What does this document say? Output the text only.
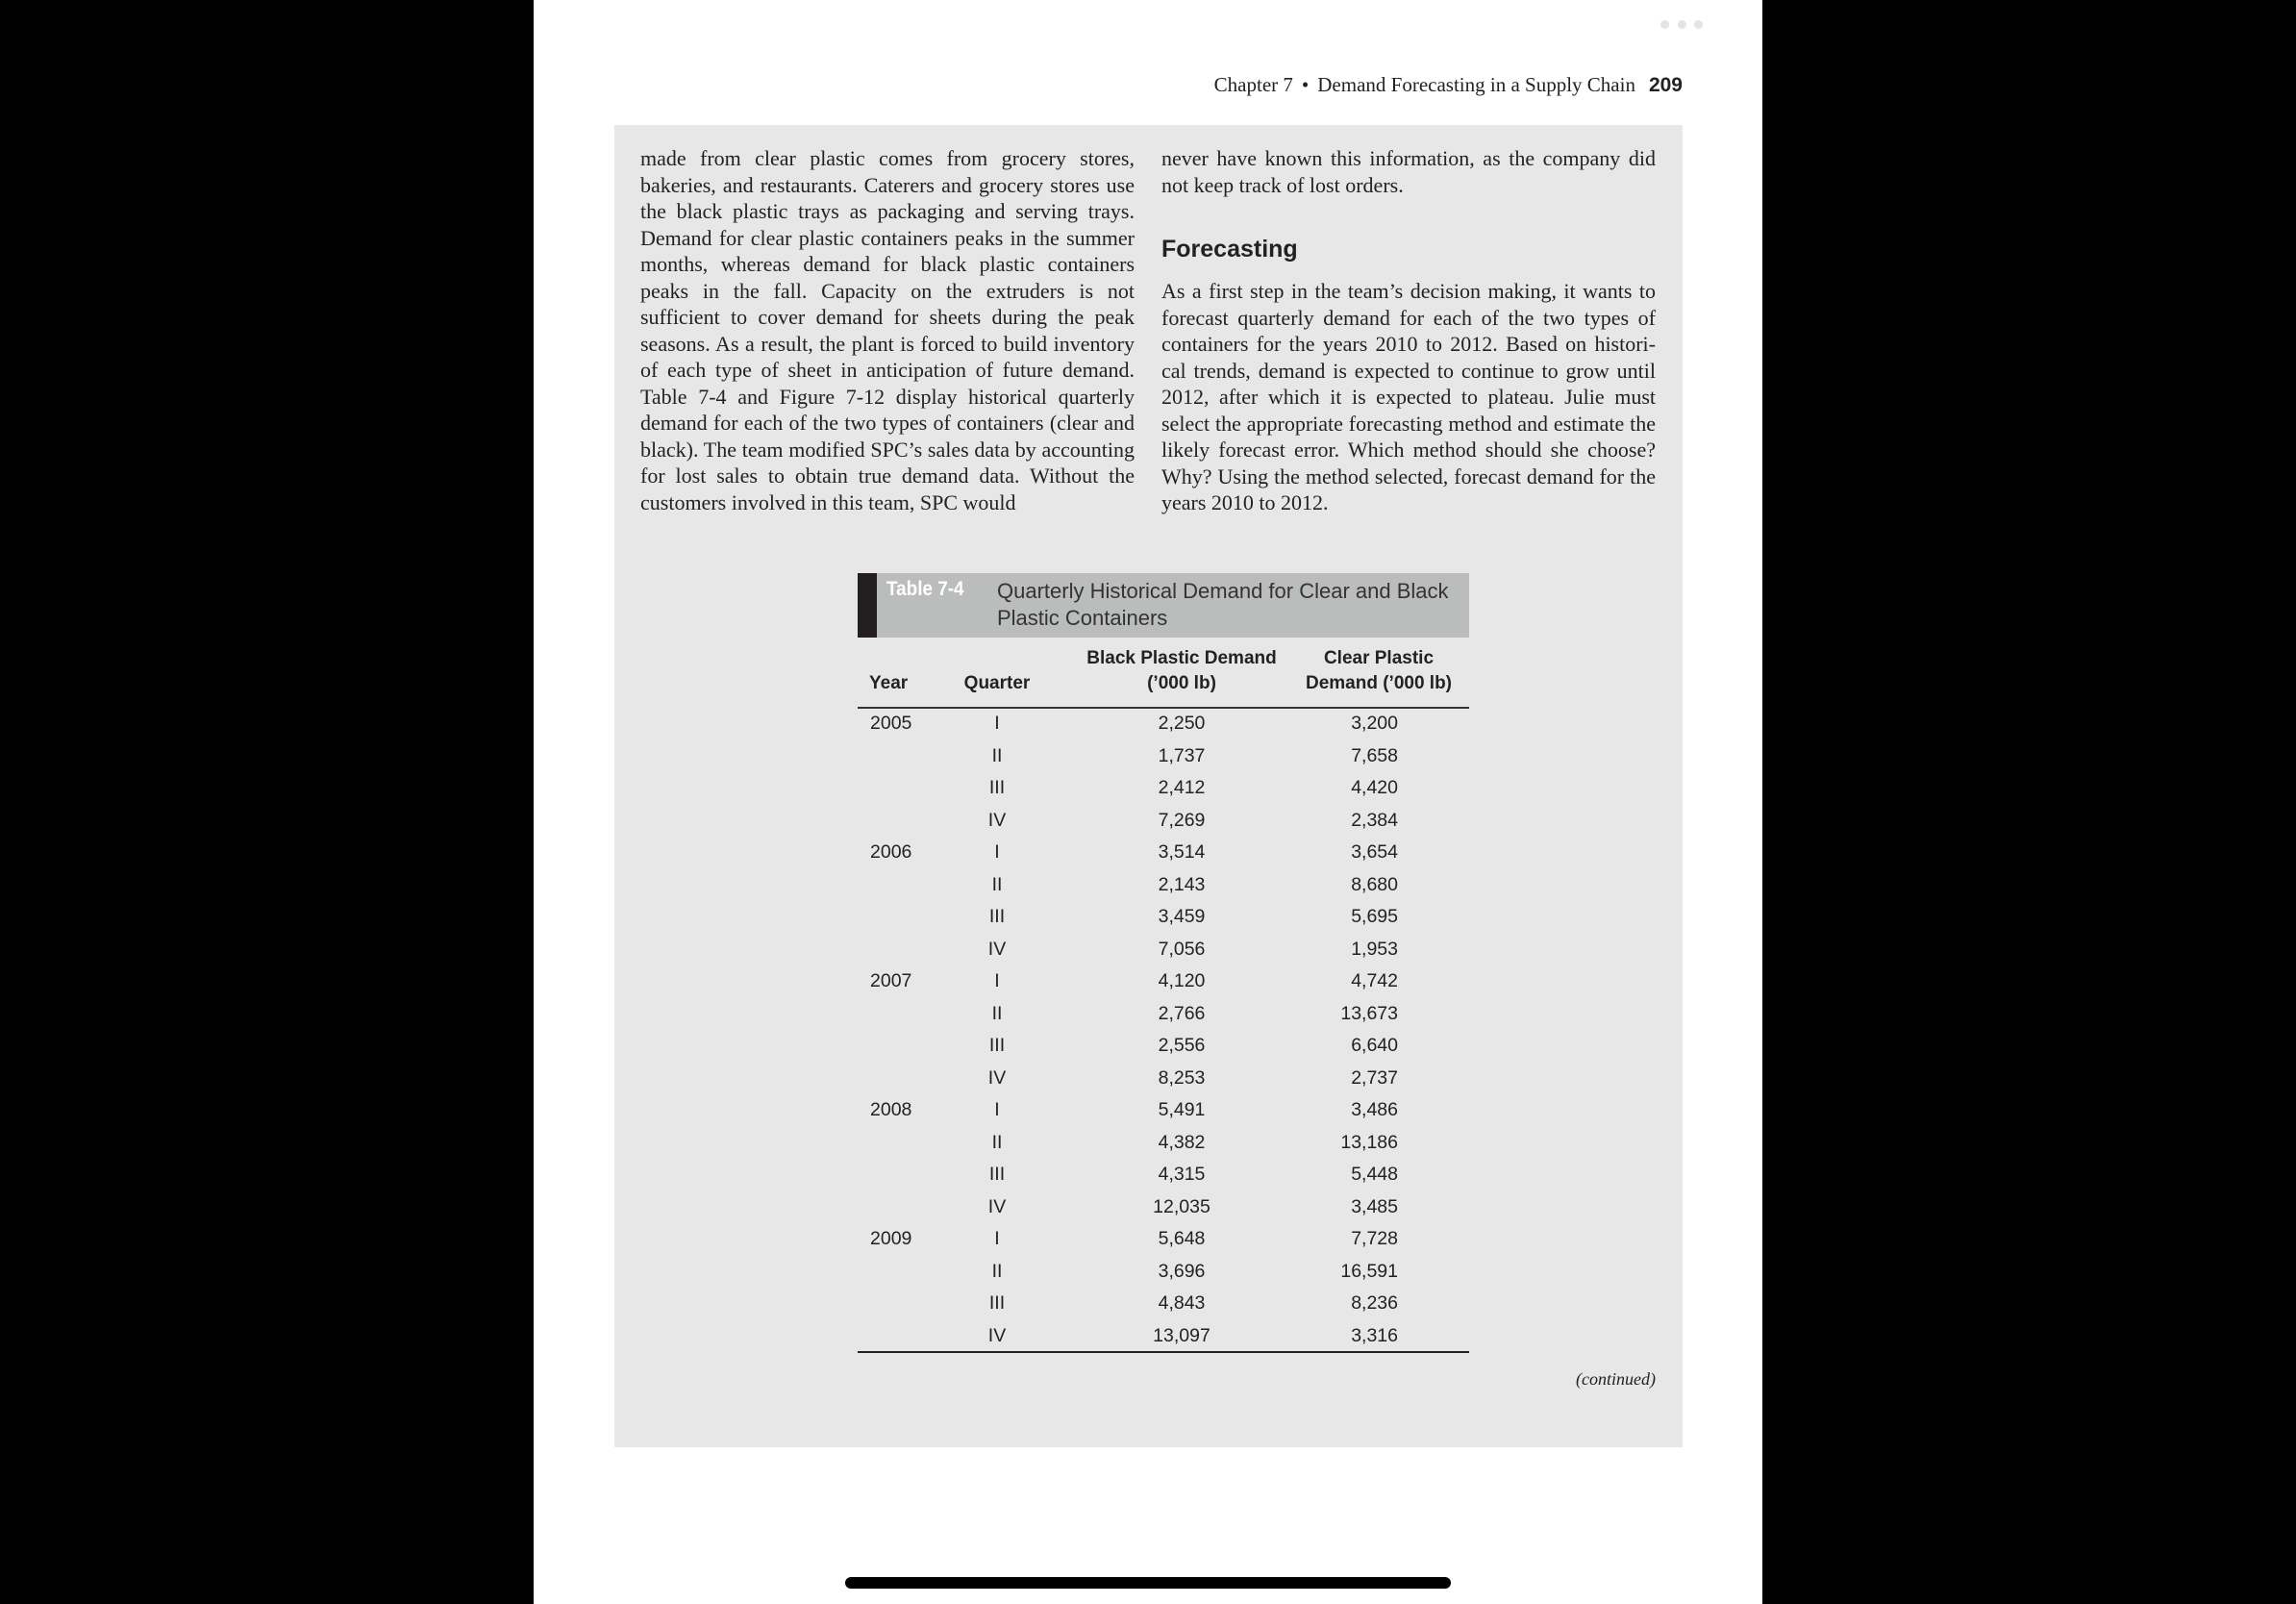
Chapter 7 • Demand Forecasting in a Supply Chain 209

made from clear plastic comes from grocery stores, bakeries, and restaurants. Caterers and grocery stores use the black plastic trays as packaging and serving trays. Demand for clear plastic containers peaks in the summer months, whereas demand for black plastic containers peaks in the fall. Capacity on the extruders is not sufficient to cover demand for sheets during the peak seasons. As a result, the plant is forced to build inventory of each type of sheet in anticipation of future demand. Table 7-4 and Figure 7-12 display historical quarterly demand for each of the two types of containers (clear and black). The team modified SPC’s sales data by accounting for lost sales to obtain true demand data. Without the customers involved in this team, SPC would

never have known this information, as the company did not keep track of lost orders.

Forecasting

As a first step in the team’s decision making, it wants to forecast quarterly demand for each of the two types of containers for the years 2010 to 2012. Based on histori-cal trends, demand is expected to continue to grow until 2012, after which it is expected to plateau. Julie must select the appropriate forecasting method and estimate the likely forecast error. Which method should she choose? Why? Using the method selected, forecast demand for the years 2010 to 2012.

Table 7-4 Quarterly Historical Demand for Clear and Black Plastic Containers

Year	Quarter
Black Plastic Demand (’000 lb)
Clear Plastic Demand (’000 lb)
2005	I	2,250	3,200
II	1,737	7,658
III	2,412	4,420
IV	7,269	2,384
2006	I	3,514	3,654
II	2,143	8,680
III	3,459	5,695
IV	7,056	1,953
2007	I	4,120	4,742
II	2,766	13,673
III	2,556	6,640
IV	8,253	2,737
2008	I	5,491	3,486
II	4,382	13,186
III	4,315	5,448
IV	12,035	3,485
2009	I	5,648	7,728
II	3,696	16,591
III	4,843	8,236
IV	13,097	3,316

(continued)
